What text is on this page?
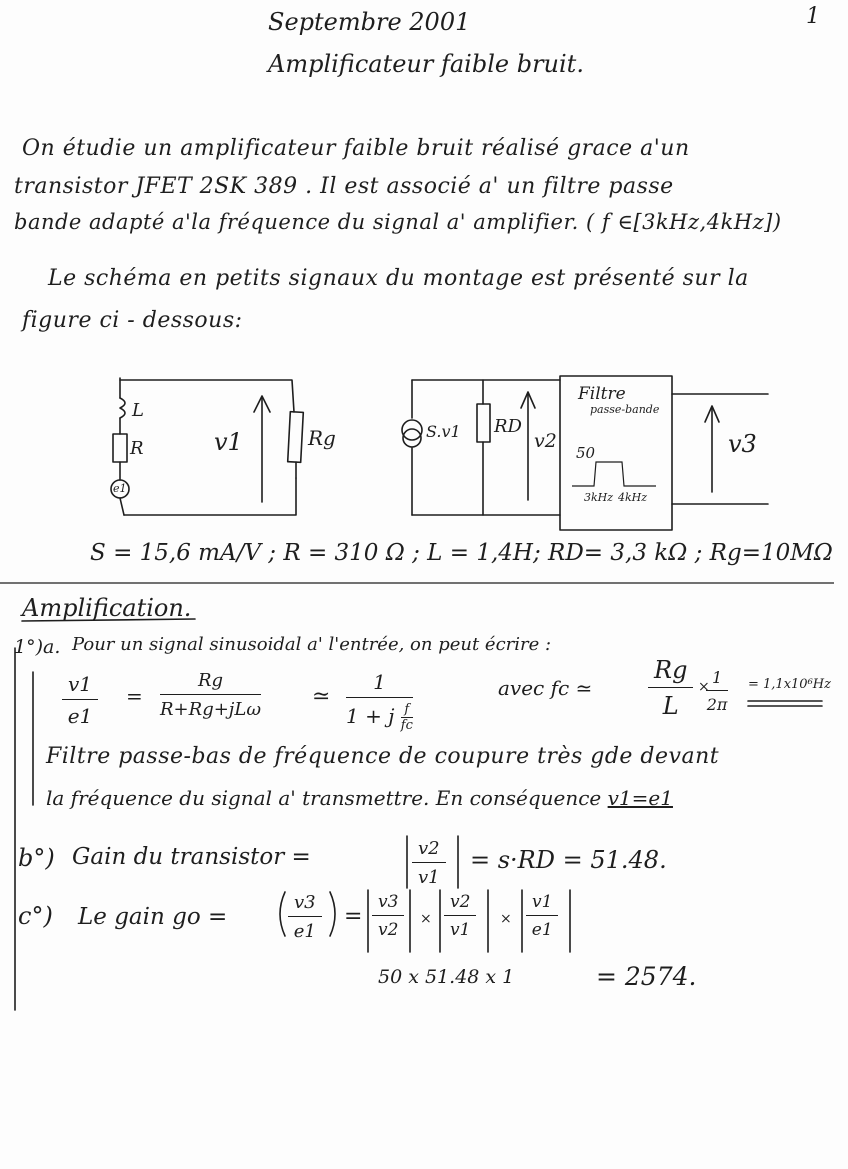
1
Septembre 2001
Amplificateur faible bruit.
On étudie un amplificateur faible bruit réalisé grace a'un
transistor JFET 2SK 389 . Il est associé a' un filtre passe
bande adapté a'la fréquence du signal a' amplifier. ( f ∈[3kHz,4kHz])
Le schéma en petits signaux du montage est présenté sur la
figure ci - dessous:
L
R
e1
v1	Rg	S.v1 RD
v2
Filtre
passe-bande
50
3kHz 4kHz
v3
S = 15,6 mA/V ; R = 310 Ω ; L = 1,4H; RD= 3,3 kΩ ; Rg=10MΩ
Amplification.
1°)a. Pour un signal sinusoidal a' l'entrée, on peut écrire :
v1
e1
=
Rg
R+Rg+jLω
≃
1
1 + j $\frac{f}{fc}$
avec fc ≃
Rg
L
× 1
2π
= 1,1x10⁶Hz
Filtre passe-bas de fréquence de coupure très gde devant
la fréquence du signal a' transmettre. En conséquence v1=e1
b°) Gain du transistor =	v2
v1
= s·RD = 51.48.
c°) Le gain go =
v3
e1
=
v3
v2
×
v2
v1
×
v1
e1
50 x 51.48 x 1	= 2574.
